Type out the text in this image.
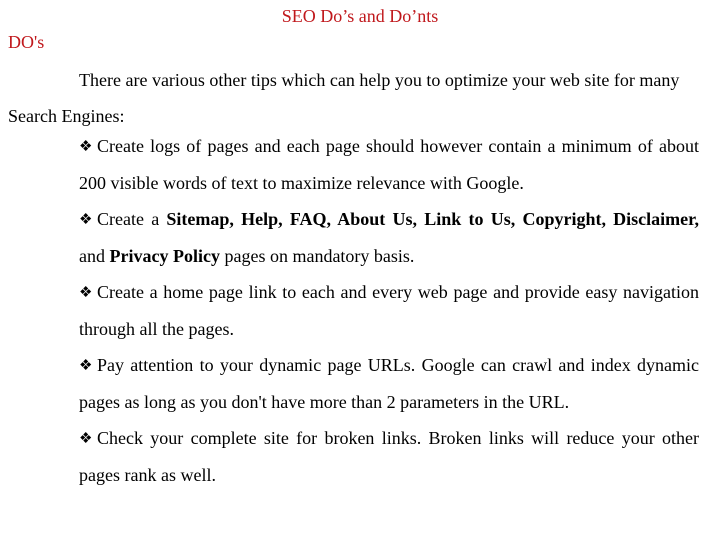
SEO Do’s and Do’nts
DO's
There are various other tips which can help you to optimize your web site for many Search Engines:
❖ Create logs of pages and each page should however contain a minimum of about 200 visible words of text to maximize relevance with Google.
❖ Create a Sitemap, Help, FAQ, About Us, Link to Us, Copyright, Disclaimer, and Privacy Policy pages on mandatory basis.
❖ Create a home page link to each and every web page and provide easy navigation through all the pages.
❖ Pay attention to your dynamic page URLs. Google can crawl and index dynamic pages as long as you don't have more than 2 parameters in the URL.
❖ Check your complete site for broken links. Broken links will reduce your other pages rank as well.
